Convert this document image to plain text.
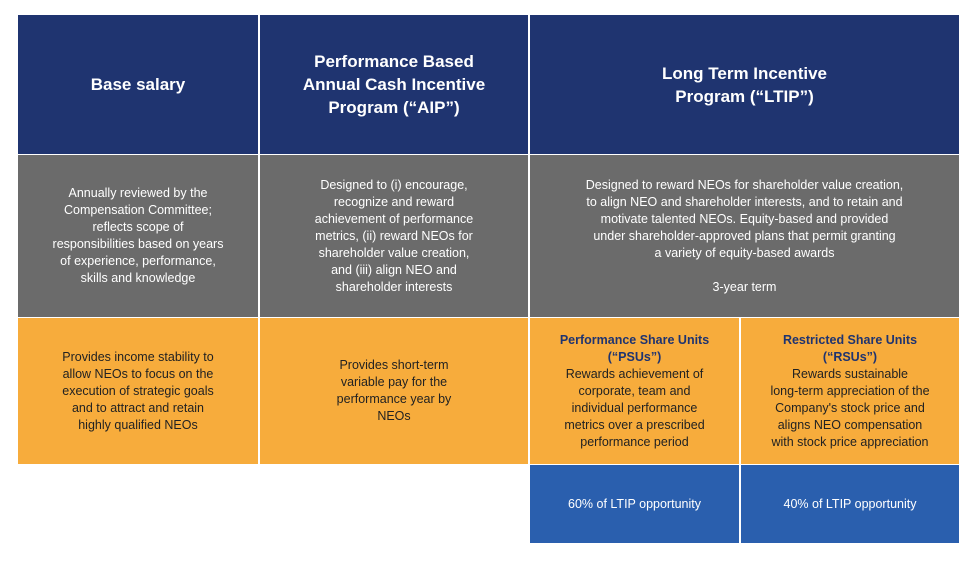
Base salary
Performance Based
Annual Cash Incentive
Program (“AIP”)
Long Term Incentive
Program (“LTIP”)
Annually reviewed by the
Compensation Committee;
reflects scope of
responsibilities based on years
of experience, performance,
skills and knowledge
Designed to (i) encourage,
recognize and reward
achievement of performance
metrics, (ii) reward NEOs for
shareholder value creation,
and (iii) align NEO and
shareholder interests
Designed to reward NEOs for shareholder value creation,
to align NEO and shareholder interests, and to retain and
motivate talented NEOs. Equity-based and provided
under shareholder-approved plans that permit granting
a variety of equity-based awards
3-year term
Provides income stability to
allow NEOs to focus on the
execution of strategic goals
and to attract and retain
highly qualified NEOs
Provides short-term
variable pay for the
performance year by
NEOs
Performance Share Units
(“PSUs”)
Rewards achievement of
corporate, team and
individual performance
metrics over a prescribed
performance period
Restricted Share Units
(“RSUs”)
Rewards sustainable
long-term appreciation of the
Company's stock price and
aligns NEO compensation
with stock price appreciation
60% of LTIP opportunity	40% of LTIP opportunity
